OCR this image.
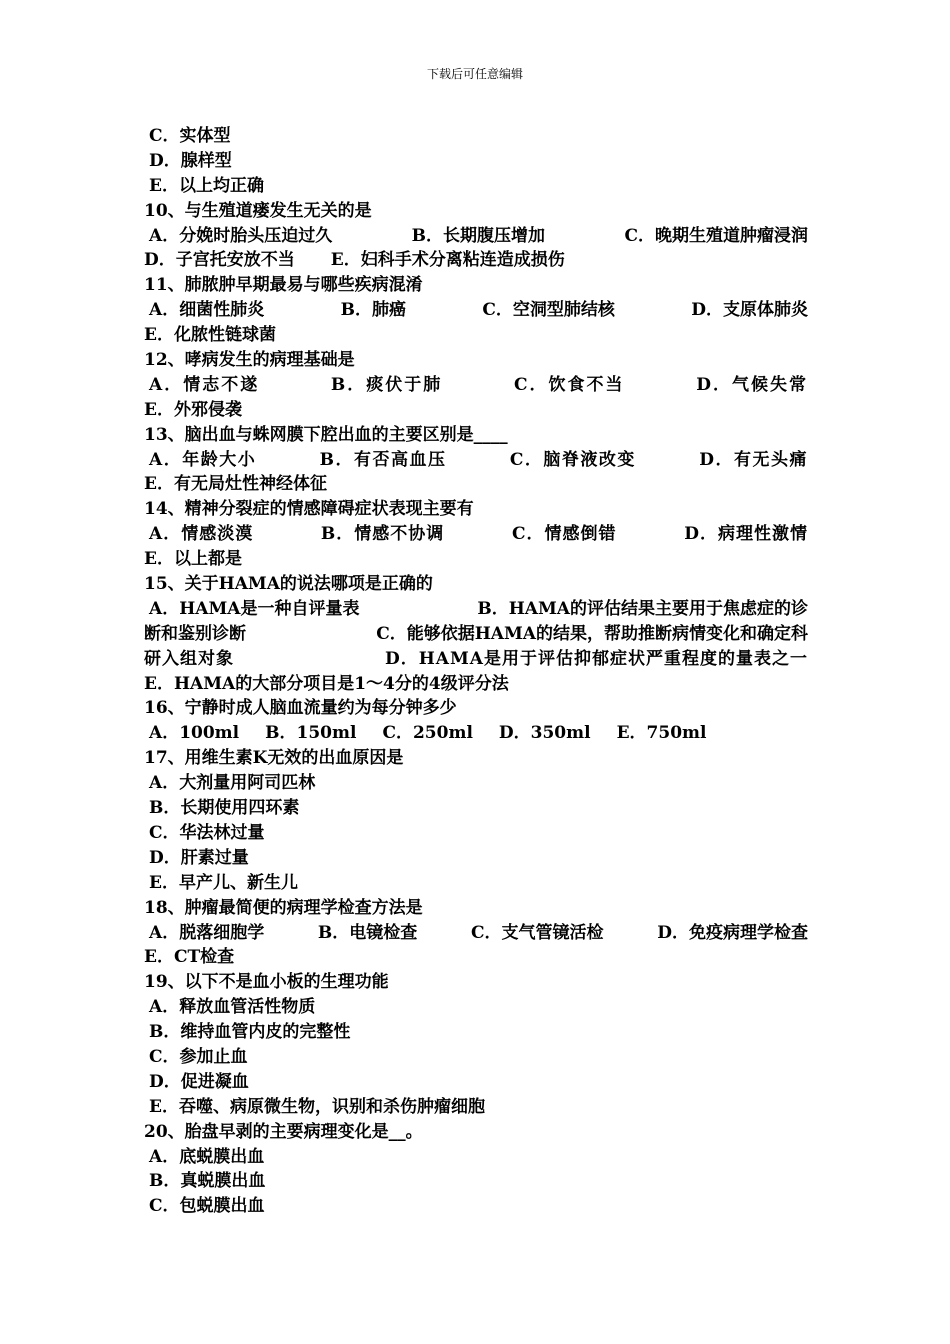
下载后可任意编辑
C．实体型
D．腺样型
E．以上均正确
10、与生殖道瘘发生无关的是
A．分娩时胎头压迫过久	B．长期腹压增加	C．晚期生殖道肿瘤浸润
D．子宫托安放不当 E．妇科手术分离粘连造成损伤
11、肺脓肿早期最易与哪些疾病混淆
A．细菌性肺炎	B．肺癌	C．空洞型肺结核	D．支原体肺炎
E．化脓性链球菌
12、哮病发生的病理基础是
A．情志不遂	B．痰伏于肺	C．饮食不当	D．气候失常
E．外邪侵袭
13、脑出血与蛛网膜下腔出血的主要区别是____
A．年龄大小	B．有否高血压	C．脑脊液改变	D．有无头痛
E．有无局灶性神经体征
14、精神分裂症的情感障碍症状表现主要有
A．情感淡漠	B．情感不协调	C．情感倒错	D．病理性激情
E．以上都是
15、关于HAMA的说法哪项是正确的
A．HAMA是一种自评量表	B．HAMA的评估结果主要用于焦虑症的诊
断和鉴别诊断	C．能够依据HAMA的结果，帮助推断病情变化和确定科
研入组对象	D．HAMA是用于评估抑郁症状严重程度的量表之一
E．HAMA的大部分项目是1～4分的4级评分法
16、宁静时成人脑血流量约为每分钟多少
A．100ml B．150ml C．250ml D．350ml E．750ml
17、用维生素K无效的出血原因是
A．大剂量用阿司匹林
B．长期使用四环素
C．华法林过量
D．肝素过量
E．早产儿、新生儿
18、肿瘤最简便的病理学检查方法是
A．脱落细胞学	B．电镜检查	C．支气管镜活检	D．免疫病理学检查
E．CT检查
19、以下不是血小板的生理功能
A．释放血管活性物质
B．维持血管内皮的完整性
C．参加止血
D．促进凝血
E．吞噬、病原微生物，识别和杀伤肿瘤细胞
20、胎盘早剥的主要病理变化是__。
A．底蜕膜出血
B．真蜕膜出血
C．包蜕膜出血
